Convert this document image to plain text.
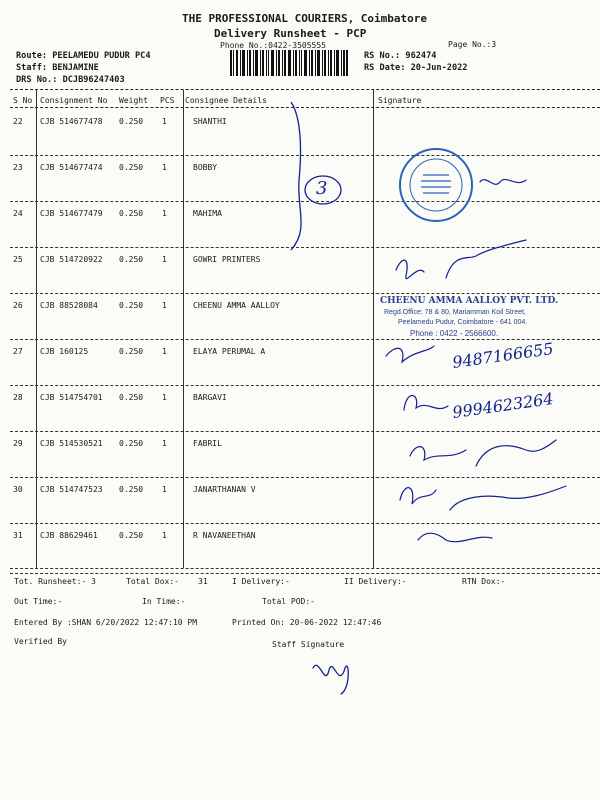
THE PROFESSIONAL COURIERS, Coimbatore
Delivery Runsheet - PCP
Phone No.:0422-3505555	Page No.:3
Route: PEELAMEDU PUDUR PC4
Staff: BENJAMINE
DRS No.: DCJB96247403
RS No.: 962474
RS Date: 20-Jun-2022
S No Consignment No Weight PCS Consignee Details	Signature
22 CJB 514677478 0.250 1	SHANTHI
23 CJB 514677474 0.250 1	BOBBY
24 CJB 514677479 0.250 1	MAHIMA
25 CJB 514720922 0.250 1	GOWRI PRINTERS
26 CJB 88528084	0.250 1	CHEENU AMMA AALLOY
27 CJB 160125	0.250 1	ELAYA PERUMAL A
28 CJB 514754701 0.250 1	BARGAVI
29 CJB 514530521 0.250 1	FABRIL
30 CJB 514747523 0.250 1	JANARTHANAN V
31 CJB 88629461	0.250 1	R NAVANEETHAN
Tot. Runsheet:- 3	Total Dox:- 31	I Delivery:-	II Delivery:-	RTN Dox:-
Out Time:-	In Time:-	Total POD:-
Entered By :SHAN 6/20/2022 12:47:10 PM	Printed On: 20-06-2022 12:47:46
Verified By	Staff Signature
3
CHEENU AMMA AALLOY PVT. LTD.
Regd.Office: 78 & 80, Mariamman Koil Street,
Peelamedu Pudur, Coimbatore - 641 004.
Phone : 0422 - 2566600.
9487166655
9994623264
